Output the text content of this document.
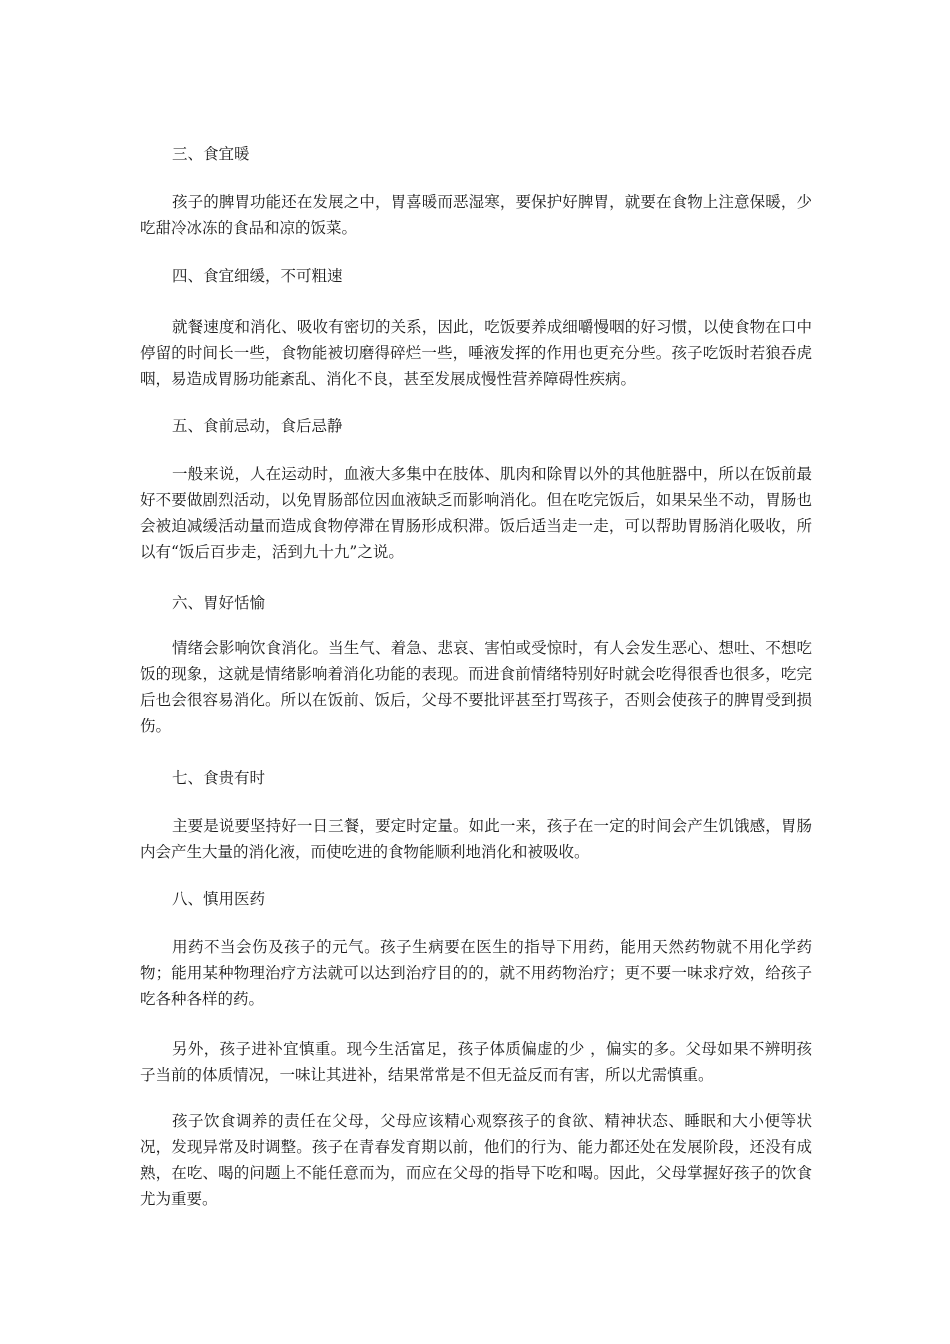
三、食宜暖

孩子的脾胃功能还在发展之中，胃喜暖而恶湿寒，要保护好脾胃，就要在食物上注意保暖，少吃甜冷冰冻的食品和凉的饭菜。

四、食宜细缓，不可粗速

就餐速度和消化、吸收有密切的关系，因此，吃饭要养成细嚼慢咽的好习惯，以使食物在口中停留的时间长一些，食物能被切磨得碎烂一些，唾液发挥的作用也更充分些。孩子吃饭时若狼吞虎咽，易造成胃肠功能紊乱、消化不良，甚至发展成慢性营养障碍性疾病。

五、食前忌动，食后忌静

一般来说，人在运动时，血液大多集中在肢体、肌肉和除胃以外的其他脏器中，所以在饭前最好不要做剧烈活动，以免胃肠部位因血液缺乏而影响消化。但在吃完饭后，如果呆坐不动，胃肠也会被迫减缓活动量而造成食物停滞在胃肠形成积滞。饭后适当走一走，可以帮助胃肠消化吸收，所以有“饭后百步走，活到九十九”之说。

六、胃好恬愉

情绪会影响饮食消化。当生气、着急、悲哀、害怕或受惊时，有人会发生恶心、想吐、不想吃饭的现象，这就是情绪影响着消化功能的表现。而进食前情绪特别好时就会吃得很香也很多，吃完后也会很容易消化。所以在饭前、饭后，父母不要批评甚至打骂孩子，否则会使孩子的脾胃受到损伤。

七、食贵有时

主要是说要坚持好一日三餐，要定时定量。如此一来，孩子在一定的时间会产生饥饿感，胃肠内会产生大量的消化液，而使吃进的食物能顺利地消化和被吸收。

八、慎用医药

用药不当会伤及孩子的元气。孩子生病要在医生的指导下用药，能用天然药物就不用化学药物；能用某种物理治疗方法就可以达到治疗目的的，就不用药物治疗；更不要一味求疗效，给孩子吃各种各样的药。

另外，孩子进补宜慎重。现今生活富足，孩子体质偏虚的少 ，偏实的多。父母如果不辨明孩子当前的体质情况，一味让其进补，结果常常是不但无益反而有害，所以尤需慎重。

孩子饮食调养的责任在父母，父母应该精心观察孩子的食欲、精神状态、睡眠和大小便等状况，发现异常及时调整。孩子在青春发育期以前，他们的行为、能力都还处在发展阶段，还没有成熟，在吃、喝的问题上不能任意而为，而应在父母的指导下吃和喝。因此，父母掌握好孩子的饮食尤为重要。
